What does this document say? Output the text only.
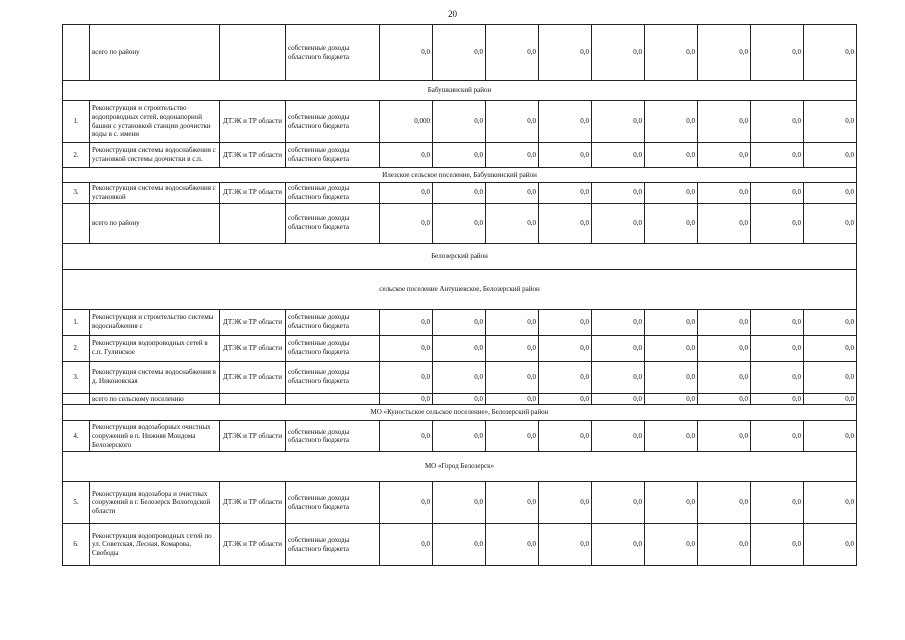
20
	всего по району		собственные доходы областного бюджета	0,0	0,0	0,0	0,0	0,0	0,0	0,0	0,0	0,0
Бабушкинский район												
1.	Реконструкция и строительство водопроводных сетей, водонапорной башни с установкой станции доочистки воды в с. имени	ДТЭК и ТР области	собственные доходы областного бюджета	0,000	0,0	0,0	0,0	0,0	0,0	0,0	0,0	0,0
2.	Реконструкция системы водоснабжения с установкой системы доочистки в с.п.	ДТЭК и ТР области	собственные доходы областного бюджета	0,0	0,0	0,0	0,0	0,0	0,0	0,0	0,0	0,0
Илезское сельское поселение, Бабушкинский район												
3.	Реконструкция системы водоснабжения с установкой	ДТЭК и ТР области	собственные доходы областного бюджета	0,0	0,0	0,0	0,0	0,0	0,0	0,0	0,0	0,0
	всего по району		собственные доходы областного бюджета	0,0	0,0	0,0	0,0	0,0	0,0	0,0	0,0	0,0
Белозерский район												
сельское поселение Антушевское, Белозерский район												
1.	Реконструкция и строительство системы водоснабжения с	ДТЭК и ТР области	собственные доходы областного бюджета	0,0	0,0	0,0	0,0	0,0	0,0	0,0	0,0	0,0
2.	Реконструкция водопроводных сетей в с.п. Гулинское	ДТЭК и ТР области	собственные доходы областного бюджета	0,0	0,0	0,0	0,0	0,0	0,0	0,0	0,0	0,0
3.	Реконструкция системы водоснабжения в д. Никоновская	ДТЭК и ТР области	собственные доходы областного бюджета	0,0	0,0	0,0	0,0	0,0	0,0	0,0	0,0	0,0
	всего по сельскому поселению			0,0	0,0	0,0	0,0	0,0	0,0	0,0	0,0	0,0
МО «Куностьское сельское поселение», Белозерский район												
4.	Реконструкция водозаборных очистных сооружений в п. Нижняя Мондома Белозерского	ДТЭК и ТР области	собственные доходы областного бюджета	0,0	0,0	0,0	0,0	0,0	0,0	0,0	0,0	0,0
МО «Город Белозерск»												
5.	Реконструкция водозабора и очистных сооружений в г. Белозерск Вологодской области	ДТЭК и ТР области	собственные доходы областного бюджета	0,0	0,0	0,0	0,0	0,0	0,0	0,0	0,0	0,0
6.	Реконструкция водопроводных сетей по ул. Советская, Лесная, Комарова, Свободы	ДТЭК и ТР области	собственные доходы областного бюджета	0,0	0,0	0,0	0,0	0,0	0,0	0,0	0,0	0,0
